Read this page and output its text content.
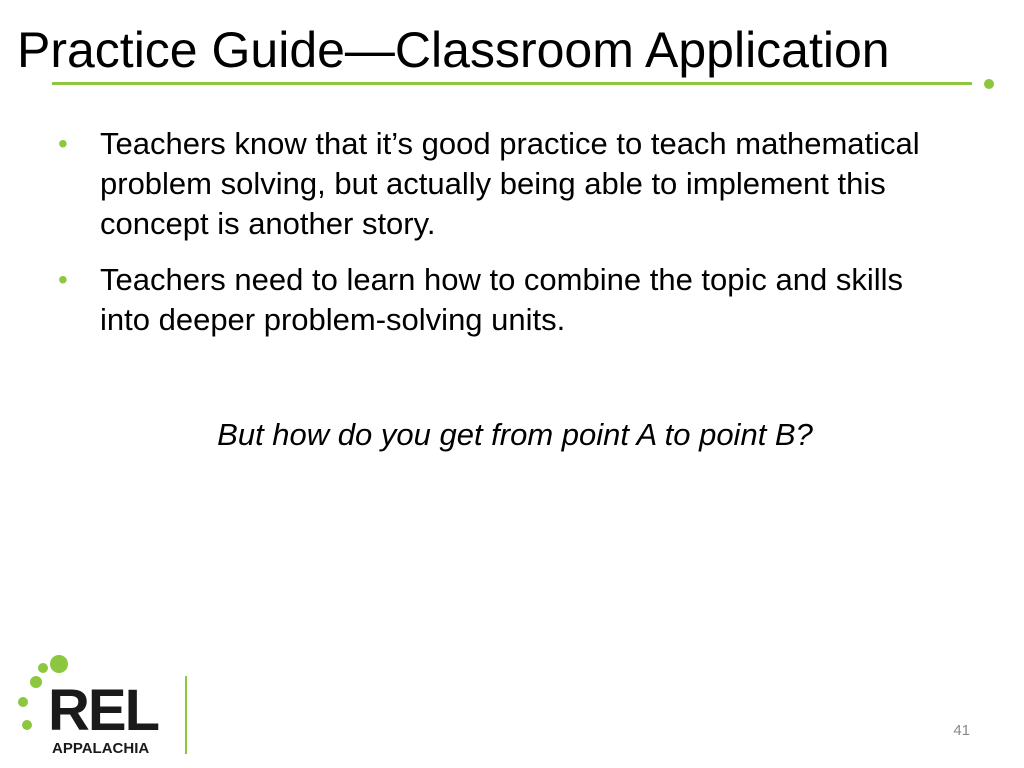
Practice Guide—Classroom Application
• Teachers know that it’s good practice to teach mathematical problem solving, but actually being able to implement this concept is another story.
• Teachers need to learn how to combine the topic and skills into deeper problem-solving units.
But how do you get from point A to point B?
REL
APPALACHIA
41
